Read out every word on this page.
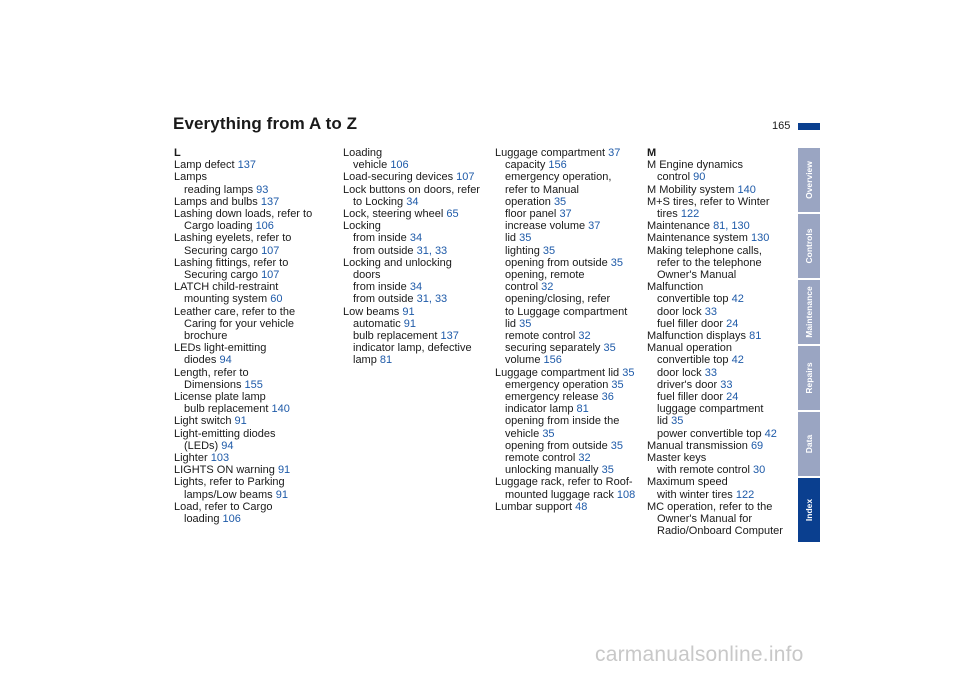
Everything from A to Z	165
L
Lamp defect 137
Lamps
reading lamps 93
Lamps and bulbs 137
Lashing down loads, refer to
Cargo loading 106
Lashing eyelets, refer to
Securing cargo 107
Lashing fittings, refer to
Securing cargo 107
LATCH child-restraint
mounting system 60
Leather care, refer to the
Caring for your vehicle
brochure
LEDs light-emitting
diodes 94
Length, refer to
Dimensions 155
License plate lamp
bulb replacement 140
Light switch 91
Light-emitting diodes
(LEDs) 94
Lighter 103
LIGHTS ON warning 91
Lights, refer to Parking
lamps/Low beams 91
Load, refer to Cargo
loading 106
Loading
vehicle 106
Load-securing devices 107
Lock buttons on doors, refer
to Locking 34
Lock, steering wheel 65
Locking
from inside 34
from outside 31, 33
Locking and unlocking
doors
from inside 34
from outside 31, 33
Low beams 91
automatic 91
bulb replacement 137
indicator lamp, defective
lamp 81
Luggage compartment 37
capacity 156
emergency operation,
refer to Manual
operation 35
floor panel 37
increase volume 37
lid 35
lighting 35
opening from outside 35
opening, remote
control 32
opening/closing, refer
to Luggage compartment
lid 35
remote control 32
securing separately 35
volume 156
Luggage compartment lid 35
emergency operation 35
emergency release 36
indicator lamp 81
opening from inside the
vehicle 35
opening from outside 35
remote control 32
unlocking manually 35
Luggage rack, refer to Roof-
mounted luggage rack 108
Lumbar support 48
M
M Engine dynamics
control 90
M Mobility system 140
M+S tires, refer to Winter
tires 122
Maintenance 81, 130
Maintenance system 130
Making telephone calls,
refer to the telephone
Owner's Manual
Malfunction
convertible top 42
door lock 33
fuel filler door 24
Malfunction displays 81
Manual operation
convertible top 42
door lock 33
driver's door 33
fuel filler door 24
luggage compartment
lid 35
power convertible top 42
Manual transmission 69
Master keys
with remote control 30
Maximum speed
with winter tires 122
MC operation, refer to the
Owner's Manual for
Radio/Onboard Computer
Overview
Controls
Maintenance
Repairs
Data
Index
carmanualsonline.info
